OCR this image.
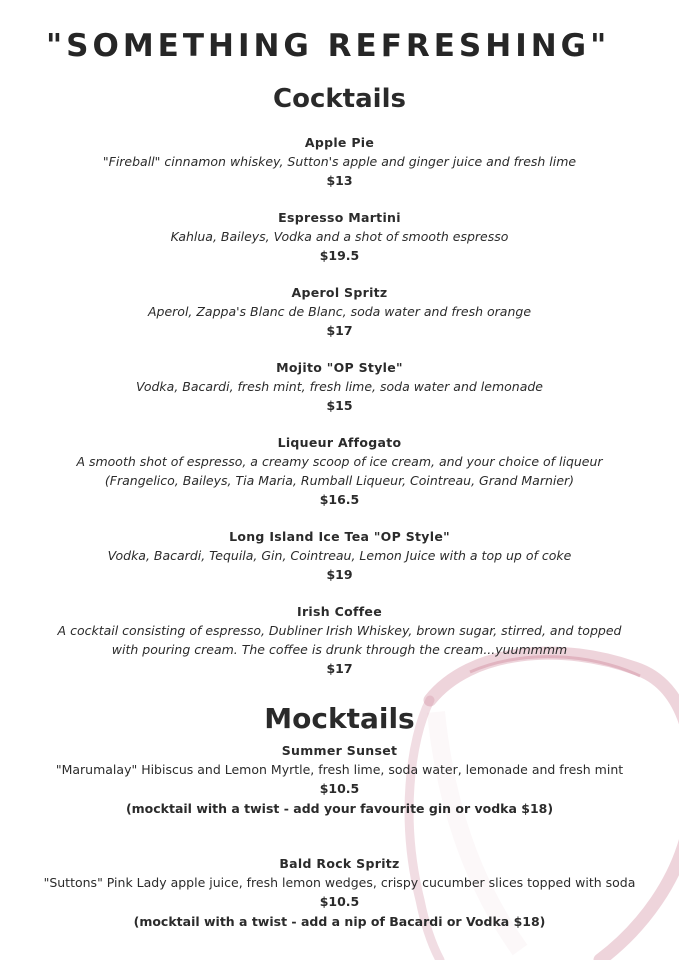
"SOMETHING REFRESHING"
Cocktails
Apple Pie
"Fireball" cinnamon whiskey, Sutton's apple and ginger juice and fresh lime
$13
Espresso Martini
Kahlua, Baileys, Vodka and a shot of smooth espresso
$19.5
Aperol Spritz
Aperol, Zappa's Blanc de Blanc, soda water and fresh orange
$17
Mojito "OP Style"
Vodka, Bacardi, fresh mint, fresh lime, soda water and lemonade
$15
Liqueur Affogato
A smooth shot of espresso, a creamy scoop of ice cream, and your choice of liqueur (Frangelico, Baileys, Tia Maria, Rumball Liqueur, Cointreau, Grand Marnier)
$16.5
Long Island Ice Tea "OP Style"
Vodka, Bacardi, Tequila, Gin, Cointreau, Lemon Juice with a top up of coke
$19
Irish Coffee
A cocktail consisting of espresso, Dubliner Irish Whiskey, brown sugar, stirred, and topped with pouring cream. The coffee is drunk through the cream...yuummmm
$17
Mocktails
Summer Sunset
"Marumalay" Hibiscus and Lemon Myrtle, fresh lime, soda water, lemonade and fresh mint
$10.5
(mocktail with a twist - add your favourite gin or vodka $18)
Bald Rock Spritz
"Suttons" Pink Lady apple juice, fresh lemon wedges, crispy cucumber slices topped with soda
$10.5
(mocktail with a twist - add a nip of Bacardi or Vodka $18)
